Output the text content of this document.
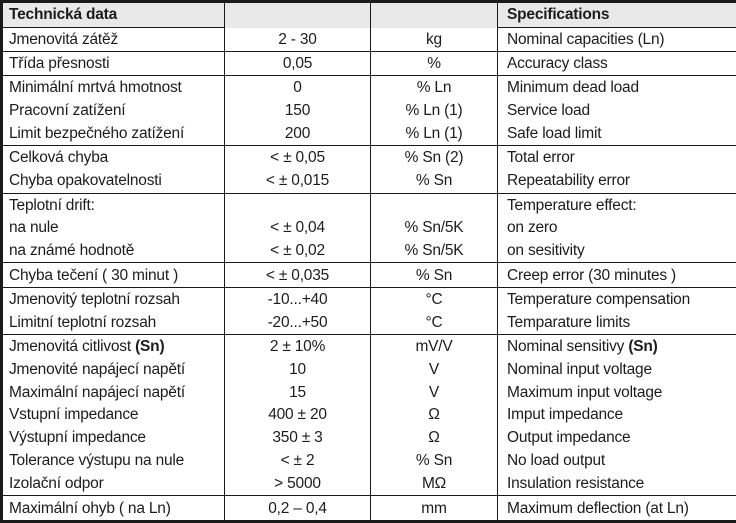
Technická data			Specifications
Jmenovitá zátěž	2 - 30	kg	Nominal capacities (Ln)
Třída přesnosti	0,05	%	Accuracy class
Minimální mrtvá hmotnost	0	% Ln	Minimum dead load
Pracovní zatížení	150	% Ln (1)	Service load
Limit bezpečného zatížení	200	% Ln (1)	Safe load limit
Celková chyba	< ± 0,05	% Sn (2)	Total error
Chyba opakovatelnosti	< ± 0,015	% Sn	Repeatability error
Teplotní drift:			Temperature effect:
na nule	< ± 0,04	% Sn/5K	on zero
na známé hodnotě	< ± 0,02	% Sn/5K	on sesitivity
Chyba tečení ( 30 minut )	< ± 0,035	% Sn	Creep error (30 minutes )
Jmenovitý teplotní rozsah	-10...+40	°C	Temperature compensation
Limitní teplotní rozsah	-20...+50	°C	Temparature limits
Jmenovitá citlivost (Sn)	2 ± 10%	mV/V	Nominal sensitivy (Sn)
Jmenovité napájecí napětí	10	V	Nominal input voltage
Maximální napájecí napětí	15	V	Maximum input voltage
Vstupní impedance	400 ± 20	Ω	Imput impedance
Výstupní impedance	350 ± 3	Ω	Output impedance
Tolerance výstupu na nule	< ± 2	% Sn	No load output
Izolační odpor	> 5000	MΩ	Insulation resistance
Maximální ohyb ( na Ln)	0,2 – 0,4	mm	Maximum deflection (at Ln)
